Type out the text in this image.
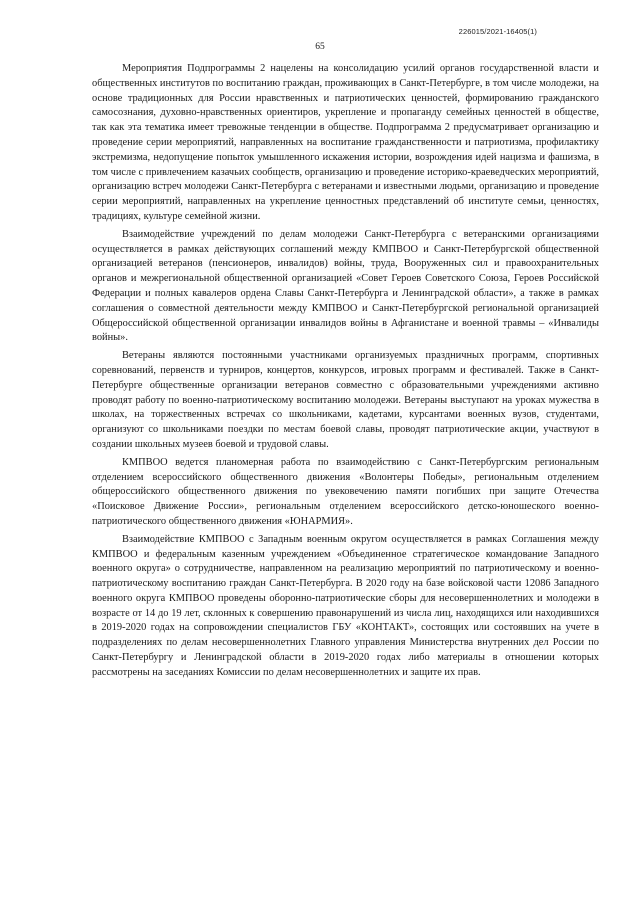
226015/2021-16405(1)
65

Мероприятия Подпрограммы 2 нацелены на консолидацию усилий органов государственной власти и общественных институтов по воспитанию граждан, проживающих в Санкт-Петербурге, в том числе молодежи, на основе традиционных для России нравственных и патриотических ценностей, формированию гражданского самосознания, духовно-нравственных ориентиров, укрепление и пропаганду семейных ценностей в обществе, так как эта тематика имеет тревожные тенденции в обществе. Подпрограмма 2 предусматривает организацию и проведение серии мероприятий, направленных на воспитание гражданственности и патриотизма, профилактику экстремизма, недопущение попыток умышленного искажения истории, возрождения идей нацизма и фашизма, в том числе с привлечением казачьих сообществ, организацию и проведение историко-краеведческих мероприятий, организацию встреч молодежи Санкт-Петербурга с ветеранами и известными людьми, организацию и проведение серии мероприятий, направленных на укрепление ценностных представлений об институте семьи, ценностях, традициях, культуре семейной жизни.

Взаимодействие учреждений по делам молодежи Санкт-Петербурга с ветеранскими организациями осуществляется в рамках действующих соглашений между КМПВОО и Санкт-Петербургской общественной организацией ветеранов (пенсионеров, инвалидов) войны, труда, Вооруженных сил и правоохранительных органов и межрегиональной общественной организацией «Совет Героев Советского Союза, Героев Российской Федерации и полных кавалеров ордена Славы Санкт-Петербурга и Ленинградской области», а также в рамках соглашения о совместной деятельности между КМПВОО и Санкт-Петербургской региональной организацией Общероссийской общественной организации инвалидов войны в Афганистане и военной травмы – «Инвалиды войны».

Ветераны являются постоянными участниками организуемых праздничных программ, спортивных соревнований, первенств и турниров, концертов, конкурсов, игровых программ и фестивалей. Также в Санкт-Петербурге общественные организации ветеранов совместно с образовательными учреждениями активно проводят работу по военно-патриотическому воспитанию молодежи. Ветераны выступают на уроках мужества в школах, на торжественных встречах со школьниками, кадетами, курсантами военных вузов, студентами, организуют со школьниками поездки по местам боевой славы, проводят патриотические акции, участвуют в создании школьных музеев боевой и трудовой славы.

КМПВОО ведется планомерная работа по взаимодействию с Санкт-Петербургским региональным отделением всероссийского общественного движения «Волонтеры Победы», региональным отделением общероссийского общественного движения по увековечению памяти погибших при защите Отечества «Поисковое Движение России», региональным отделением всероссийского детско-юношеского военно-патриотического общественного движения «ЮНАРМИЯ».

Взаимодействие КМПВОО с Западным военным округом осуществляется в рамках Соглашения между КМПВОО и федеральным казенным учреждением «Объединенное стратегическое командование Западного военного округа» о сотрудничестве, направленном на реализацию мероприятий по патриотическому и военно-патриотическому воспитанию граждан Санкт-Петербурга. В 2020 году на базе войсковой части 12086 Западного военного округа КМПВОО проведены оборонно-патриотические сборы для несовершеннолетних и молодежи в возрасте от 14 до 19 лет, склонных к совершению правонарушений из числа лиц, находящихся или находившихся в 2019-2020 годах на сопровождении специалистов ГБУ «КОНТАКТ», состоящих или состоявших на учете в подразделениях по делам несовершеннолетних Главного управления Министерства внутренних дел России по Санкт-Петербургу и Ленинградской области в 2019-2020 годах либо материалы в отношении которых рассмотрены на заседаниях Комиссии по делам несовершеннолетних и защите их прав.
